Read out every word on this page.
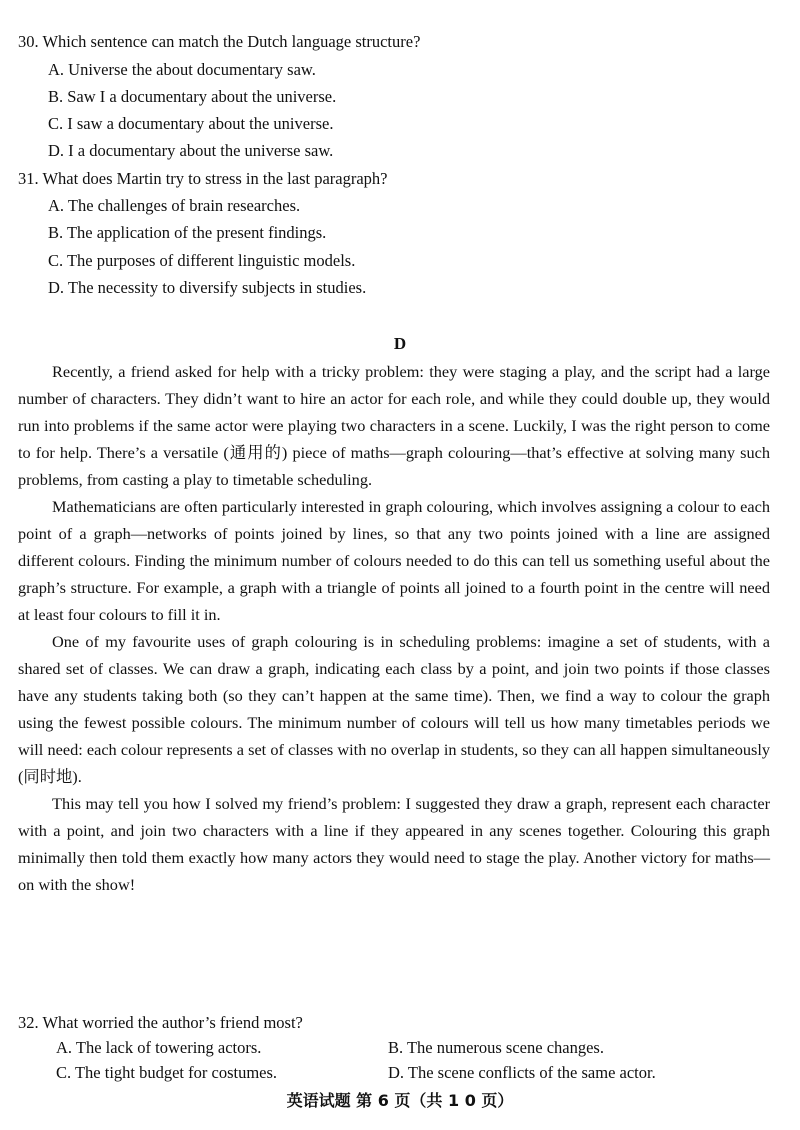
30. Which sentence can match the Dutch language structure?
A. Universe the about documentary saw.
B. Saw I a documentary about the universe.
C. I saw a documentary about the universe.
D. I a documentary about the universe saw.
31. What does Martin try to stress in the last paragraph?
A. The challenges of brain researches.
B. The application of the present findings.
C. The purposes of different linguistic models.
D. The necessity to diversify subjects in studies.
D

Recently, a friend asked for help with a tricky problem: they were staging a play, and the script had a large number of characters. They didn’t want to hire an actor for each role, and while they could double up, they would run into problems if the same actor were playing two characters in a scene. Luckily, I was the right person to come to for help. There’s a versatile (通用的) piece of maths—graph colouring—that’s effective at solving many such problems, from casting a play to timetable scheduling.

Mathematicians are often particularly interested in graph colouring, which involves assigning a colour to each point of a graph—networks of points joined by lines, so that any two points joined with a line are assigned different colours. Finding the minimum number of colours needed to do this can tell us something useful about the graph’s structure. For example, a graph with a triangle of points all joined to a fourth point in the centre will need at least four colours to fill it in.

One of my favourite uses of graph colouring is in scheduling problems: imagine a set of students, with a shared set of classes. We can draw a graph, indicating each class by a point, and join two points if those classes have any students taking both (so they can’t happen at the same time). Then, we find a way to colour the graph using the fewest possible colours. The minimum number of colours will tell us how many timetables periods we will need: each colour represents a set of classes with no overlap in students, so they can all happen simultaneously (同时地).

This may tell you how I solved my friend’s problem: I suggested they draw a graph, represent each character with a point, and join two characters with a line if they appeared in any scenes together. Colouring this graph minimally then told them exactly how many actors they would need to stage the play. Another victory for maths—on with the show!

32. What worried the author’s friend most?
A. The lack of towering actors.	B. The numerous scene changes.
C. The tight budget for costumes.	D. The scene conflicts of the same actor.
英语试题 第 6 页（共 1 0 页）
